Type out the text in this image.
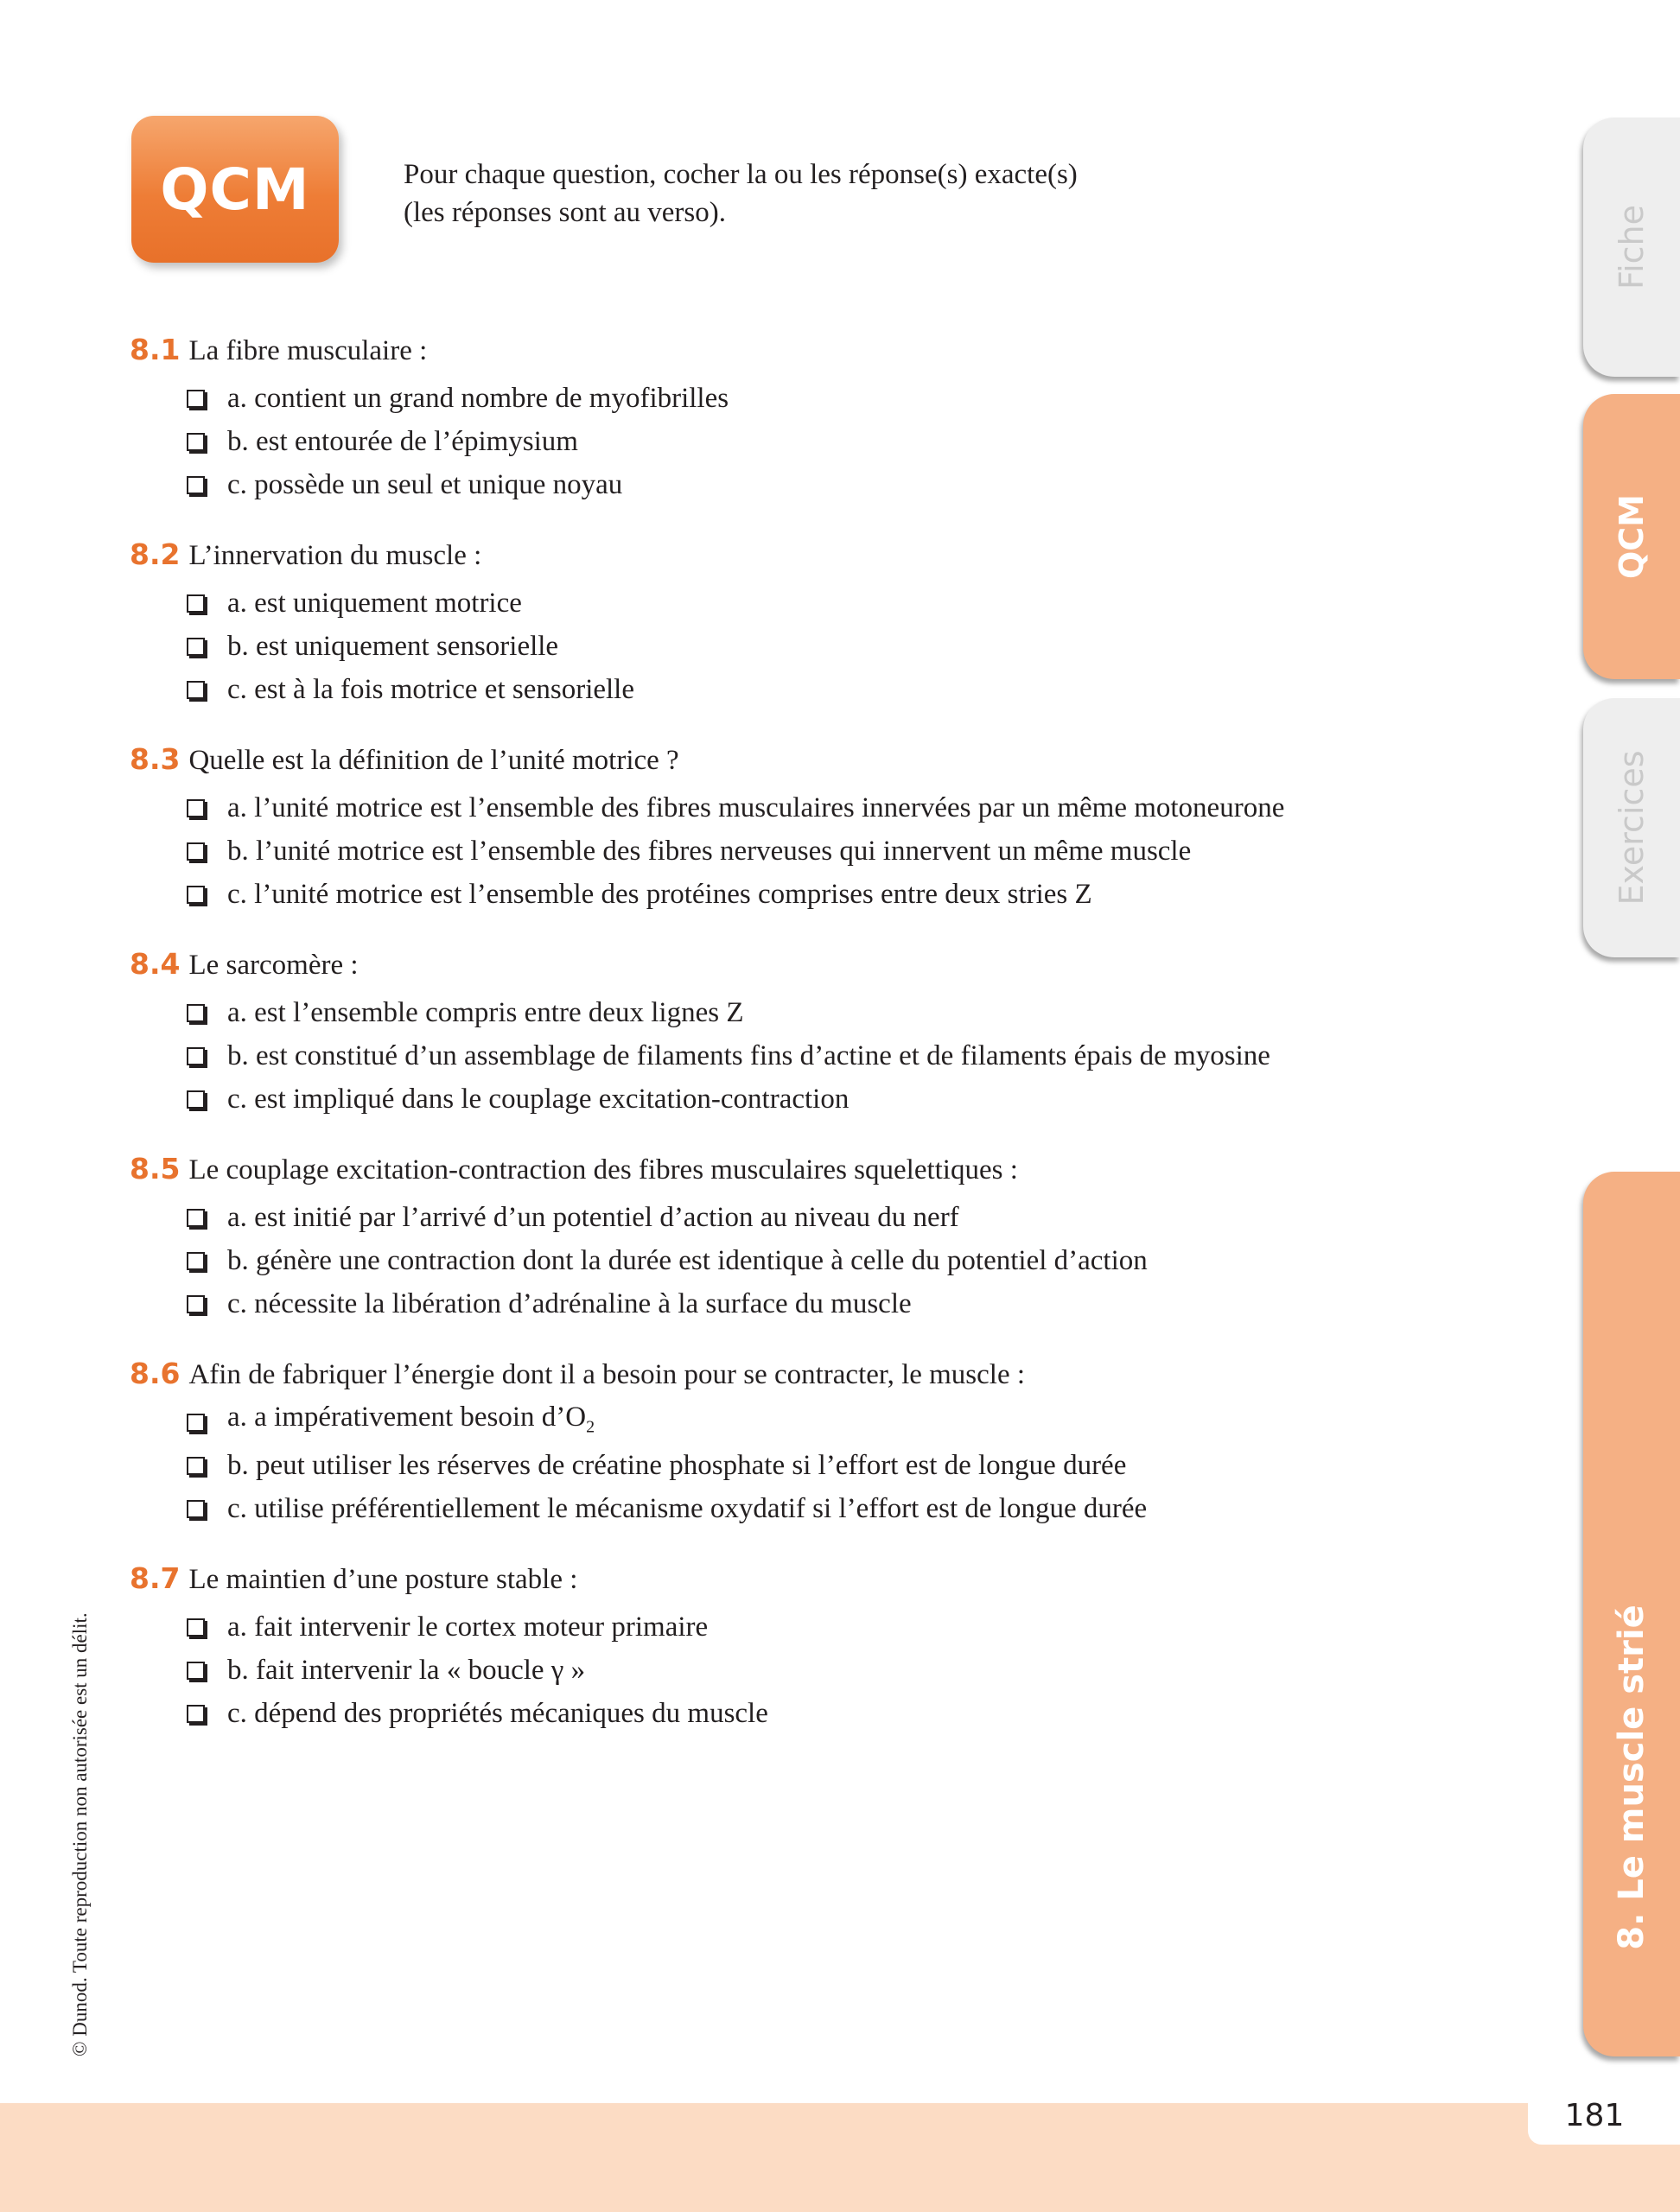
QCM	Pour chaque question, cocher la ou les réponse(s) exacte(s)
(les réponses sont au verso).
8.1 La fibre musculaire :
a. contient un grand nombre de myofibrilles
b. est entourée de l’épimysium
c. possède un seul et unique noyau
8.2 L’innervation du muscle :
a. est uniquement motrice
b. est uniquement sensorielle
c. est à la fois motrice et sensorielle
8.3 Quelle est la définition de l’unité motrice ?
a. l’unité motrice est l’ensemble des fibres musculaires innervées par un même motoneurone
b. l’unité motrice est l’ensemble des fibres nerveuses qui innervent un même muscle
c. l’unité motrice est l’ensemble des protéines comprises entre deux stries Z
8.4 Le sarcomère :
a. est l’ensemble compris entre deux lignes Z
b. est constitué d’un assemblage de filaments fins d’actine et de filaments épais de myosine
c. est impliqué dans le couplage excitation-contraction
8.5 Le couplage excitation-contraction des fibres musculaires squelettiques :
a. est initié par l’arrivé d’un potentiel d’action au niveau du nerf
b. génère une contraction dont la durée est identique à celle du potentiel d’action
c. nécessite la libération d’adrénaline à la surface du muscle
8.6 Afin de fabriquer l’énergie dont il a besoin pour se contracter, le muscle :
a. a impérativement besoin $d’O_2$
b. peut utiliser les réserves de créatine phosphate si l’effort est de longue durée
c. utilise préférentiellement le mécanisme oxydatif si l’effort est de longue durée
8.7 Le maintien d’une posture stable :
a. fait intervenir le cortex moteur primaire
b. fait intervenir la « boucle γ »
c. dépend des propriétés mécaniques du muscle
Fiche
QCM
Exercices
8. Le muscle strié
© Dunod. Toute reproduction non autorisée est un délit.
181
